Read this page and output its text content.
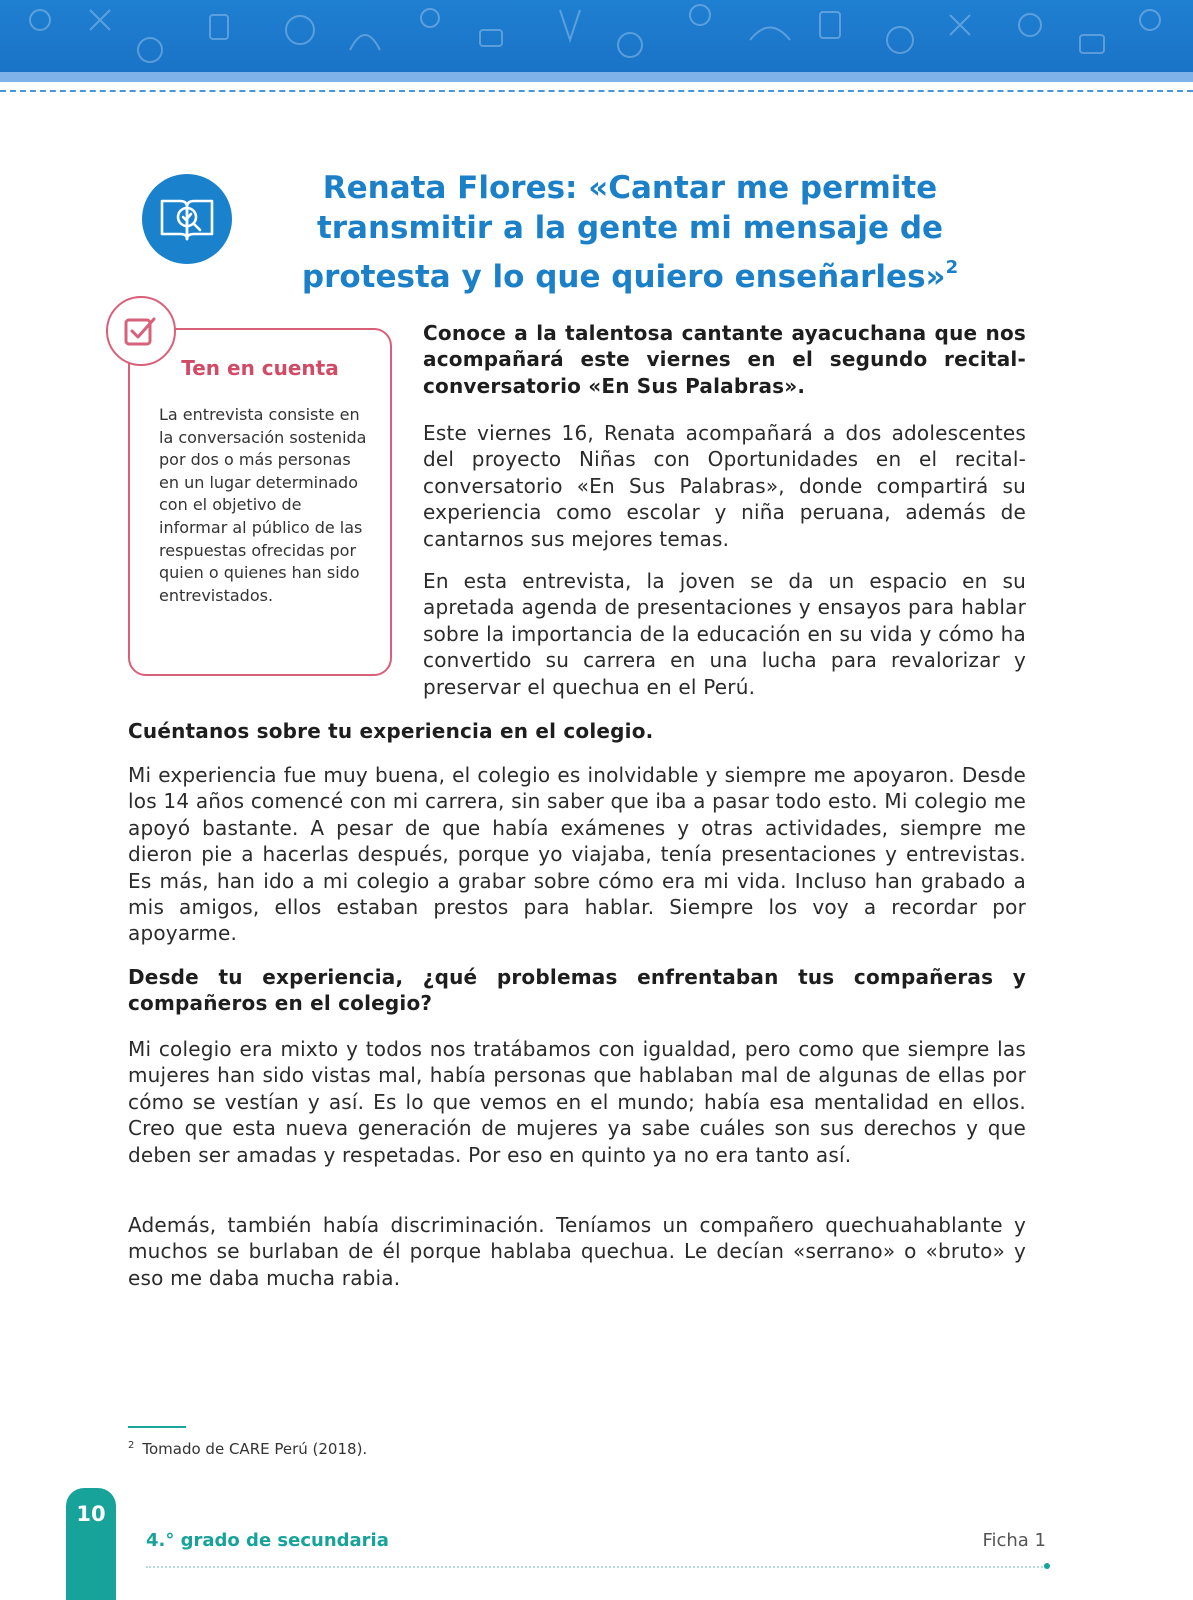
Renata Flores: «Cantar me permite transmitir a la gente mi mensaje de protesta y lo que quiero enseñarles»$^2$

Ten en cuenta

La entrevista consiste en la conversación sostenida por dos o más personas en un lugar determinado con el objetivo de informar al público de las respuestas ofrecidas por quien o quienes han sido entrevistados.

Conoce a la talentosa cantante ayacuchana que nos acompañará este viernes en el segundo recital-conversatorio «En Sus Palabras».

Este viernes 16, Renata acompañará a dos adolescentes del proyecto Niñas con Oportunidades en el recital-conversatorio «En Sus Palabras», donde compartirá su experiencia como escolar y niña peruana, además de cantarnos sus mejores temas.

En esta entrevista, la joven se da un espacio en su apretada agenda de presentaciones y ensayos para hablar sobre la importancia de la educación en su vida y cómo ha convertido su carrera en una lucha para revalorizar y preservar el quechua en el Perú.

Cuéntanos sobre tu experiencia en el colegio.

Mi experiencia fue muy buena, el colegio es inolvidable y siempre me apoyaron. Desde los 14 años comencé con mi carrera, sin saber que iba a pasar todo esto. Mi colegio me apoyó bastante. A pesar de que había exámenes y otras actividades, siempre me dieron pie a hacerlas después, porque yo viajaba, tenía presentaciones y entrevistas. Es más, han ido a mi colegio a grabar sobre cómo era mi vida. Incluso han grabado a mis amigos, ellos estaban prestos para hablar. Siempre los voy a recordar por apoyarme.

Desde tu experiencia, ¿qué problemas enfrentaban tus compañeras y compañeros en el colegio?

Mi colegio era mixto y todos nos tratábamos con igualdad, pero como que siempre las mujeres han sido vistas mal, había personas que hablaban mal de algunas de ellas por cómo se vestían y así. Es lo que vemos en el mundo; había esa mentalidad en ellos. Creo que esta nueva generación de mujeres ya sabe cuáles son sus derechos y que deben ser amadas y respetadas. Por eso en quinto ya no era tanto así.

Además, también había discriminación. Teníamos un compañero quechuahablante y muchos se burlaban de él porque hablaba quechua. Le decían «serrano» o «bruto» y eso me daba mucha rabia.

$^2$ Tomado de CARE Perú (2018).

10

4.° grado de secundaria	Ficha 1
